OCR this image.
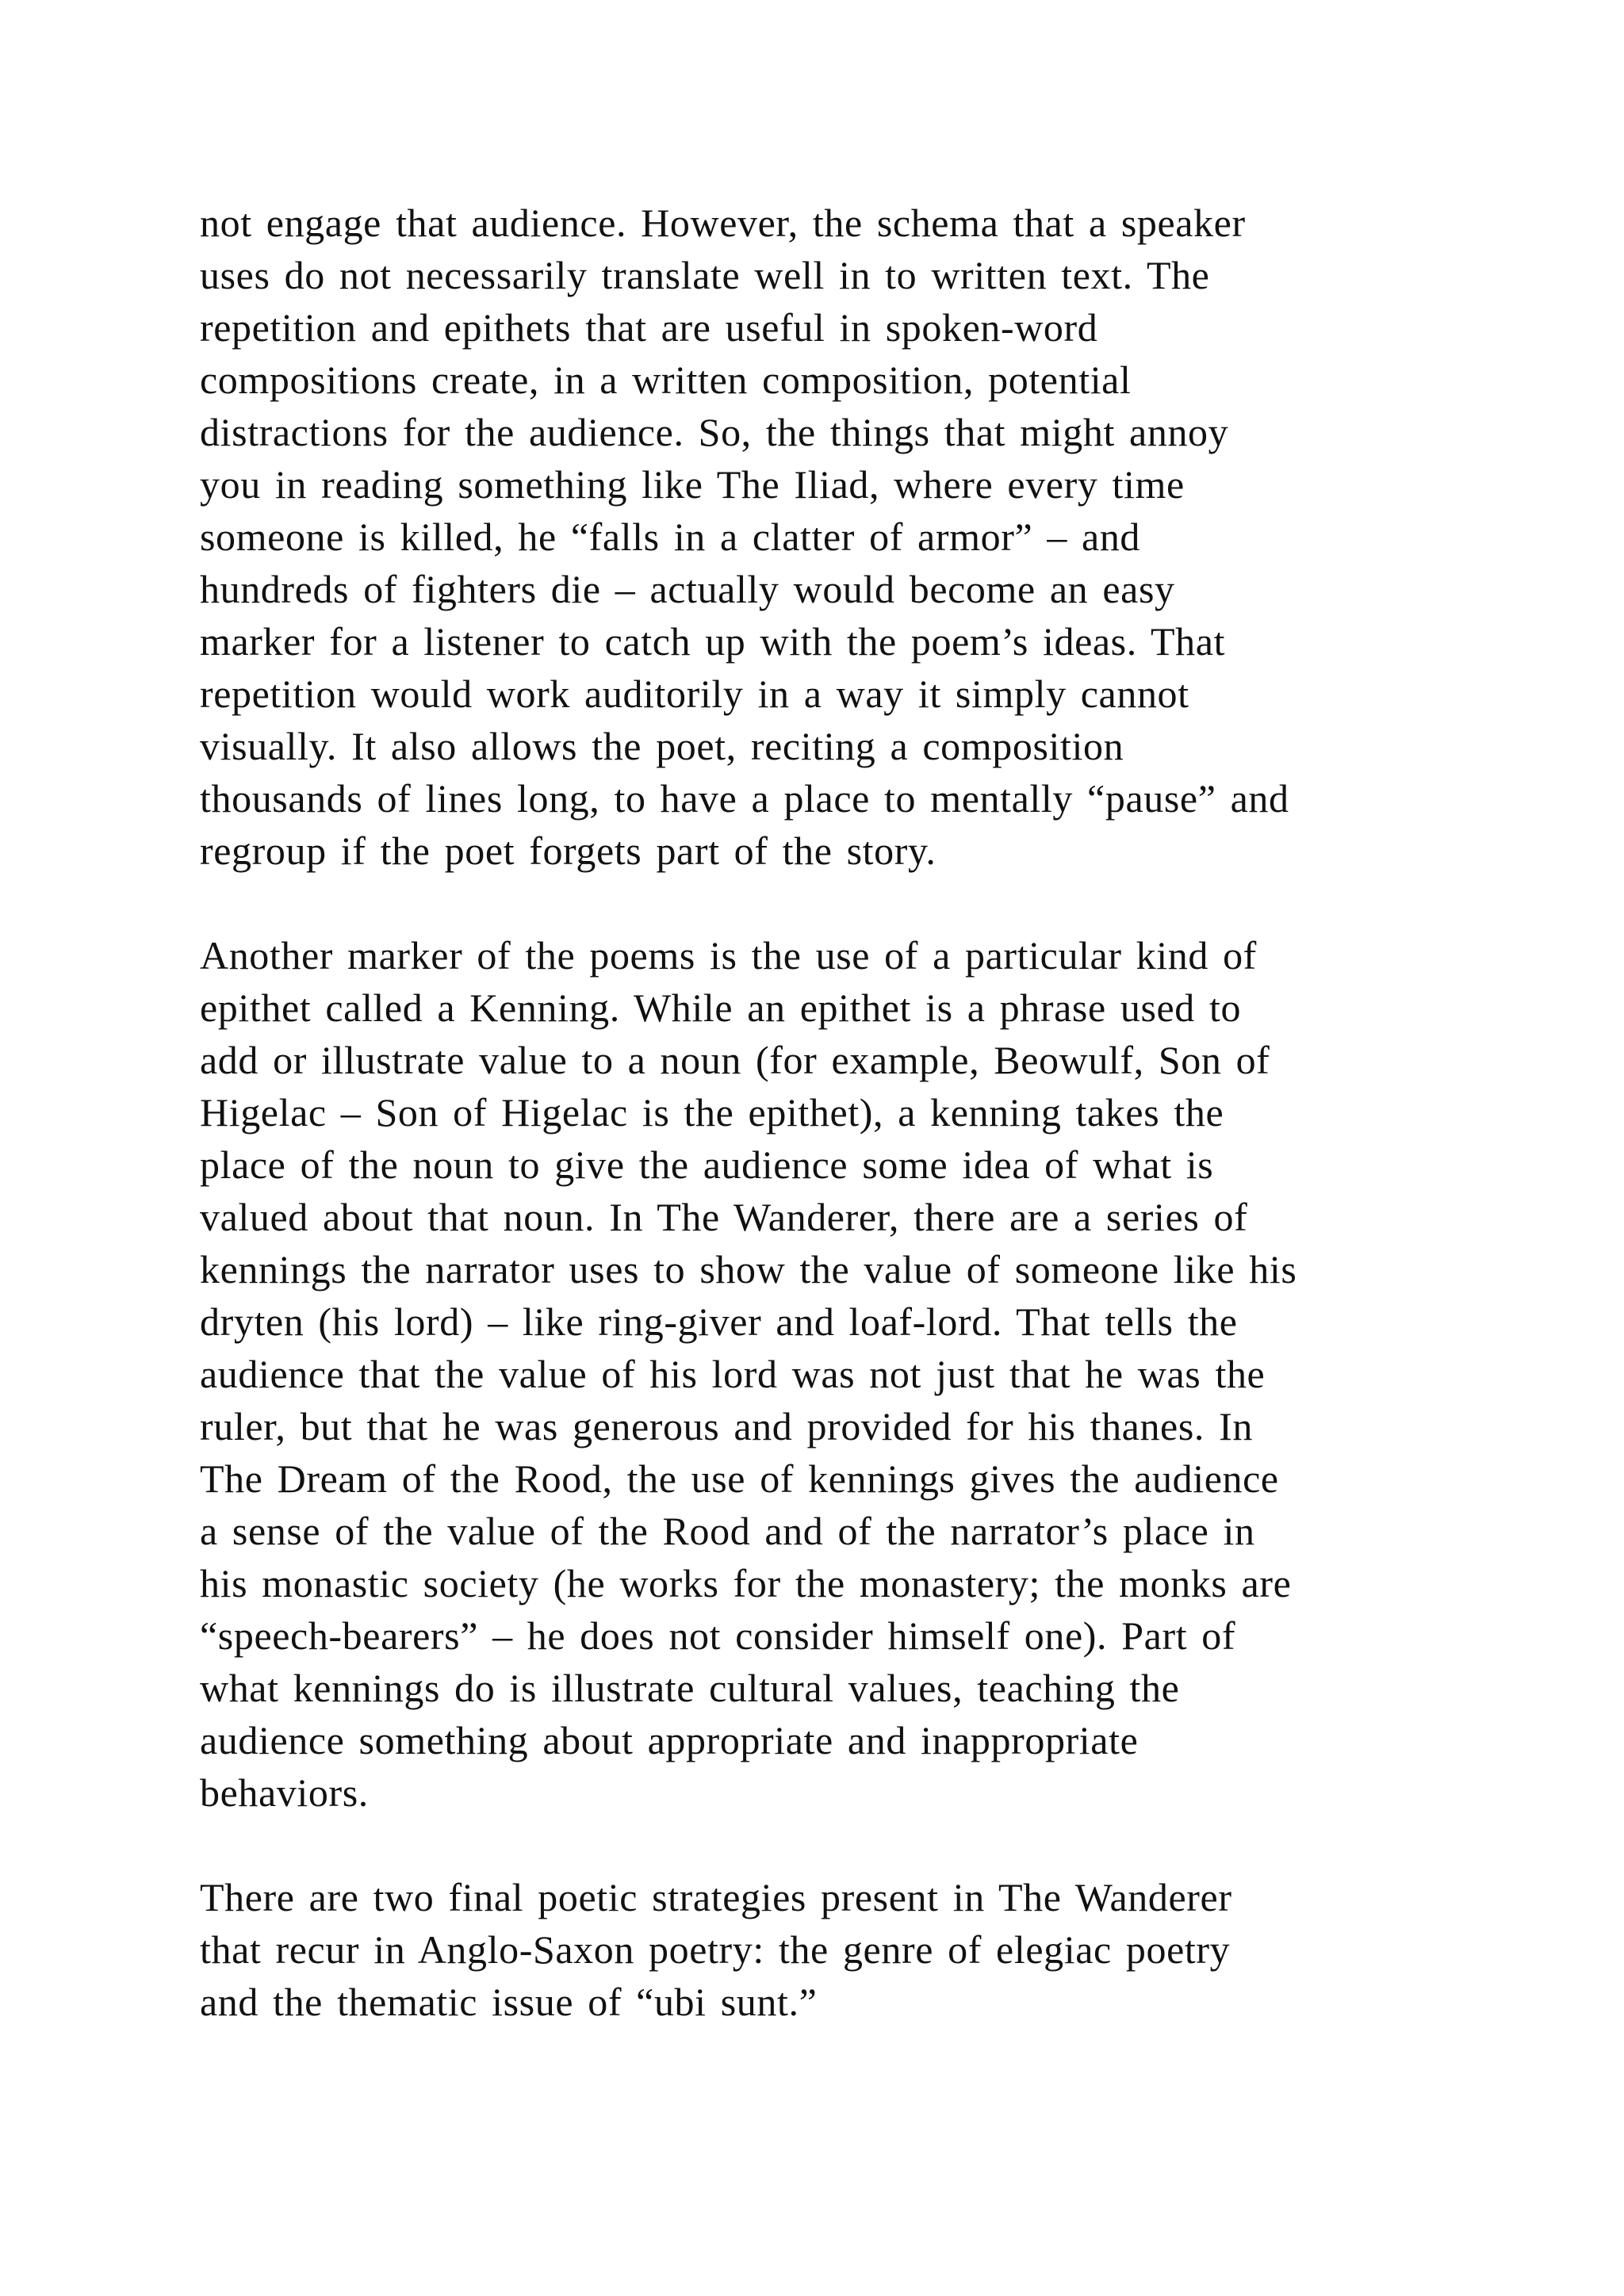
not engage that audience. However, the schema that a speaker
uses do not necessarily translate well in to written text. The
repetition and epithets that are useful in spoken-word
compositions create, in a written composition, potential
distractions for the audience. So, the things that might annoy
you in reading something like The Iliad, where every time
someone is killed, he “falls in a clatter of armor” – and
hundreds of fighters die – actually would become an easy
marker for a listener to catch up with the poem’s ideas. That
repetition would work auditorily in a way it simply cannot
visually. It also allows the poet, reciting a composition
thousands of lines long, to have a place to mentally “pause” and
regroup if the poet forgets part of the story.

Another marker of the poems is the use of a particular kind of
epithet called a Kenning. While an epithet is a phrase used to
add or illustrate value to a noun (for example, Beowulf, Son of
Higelac – Son of Higelac is the epithet), a kenning takes the
place of the noun to give the audience some idea of what is
valued about that noun. In The Wanderer, there are a series of
kennings the narrator uses to show the value of someone like his
dryten (his lord) – like ring-giver and loaf-lord. That tells the
audience that the value of his lord was not just that he was the
ruler, but that he was generous and provided for his thanes. In
The Dream of the Rood, the use of kennings gives the audience
a sense of the value of the Rood and of the narrator’s place in
his monastic society (he works for the monastery; the monks are
“speech-bearers” – he does not consider himself one). Part of
what kennings do is illustrate cultural values, teaching the
audience something about appropriate and inappropriate
behaviors.

There are two final poetic strategies present in The Wanderer
that recur in Anglo-Saxon poetry: the genre of elegiac poetry
and the thematic issue of “ubi sunt.”
